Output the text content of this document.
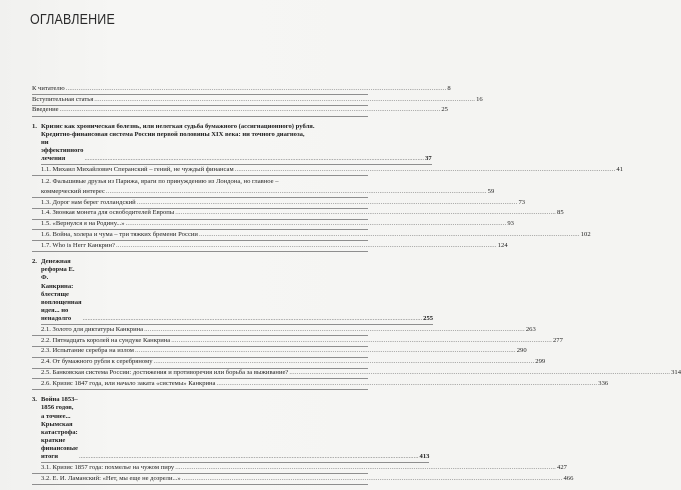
ОГЛАВЛЕНИЕ
К читателю .....	8
Вступительная статья .....	16
Введение .....	25
1. Кризис как хроническая болезнь, или нелегкая судьба бумажного (ассигнационного) рубля.
Кредитно-финансовая система России первой половины XIX века: ни точного диагноза,
ни эффективного лечения .....	37
1.1. Михаил Михайлович Сперанский – гений, не чуждый финансам .....	41
1.2. Фальшивые друзья из Парижа, враги по принуждению из Лондона, но главное –
коммерческий интерес .....	59
1.3. Дорог нам берег голландский .....	73
1.4. Звонкая монета для освободителей Европы .....	85
1.5. «Вернулся я на Родину...» .....	93
1.6. Война, холера и чума – три тяжких бремени России .....	102
1.7. Who is Негг Канкрин? .....	124
2. Денежная реформа Е. Ф. Канкрина: блестяще воплощенная идея... но ненадолго .....	255
2.1. Золото для диктатуры Канкрина .....	263
2.2. Пятнадцать королей на сундуке Канкрина .....	277
2.3. Испытание серебра на излом .....	290
2.4. От бумажного рубля к серебряному .....	299
2.5. Банковская система России: достижения и противоречия или борьба за выживание? .....	314
2.6. Кризис 1847 года, или начало заката «системы» Канкрина .....	336
3. Война 1853–1856 годов, а точнее... Крымская катастрофа: краткие финансовые итоги .....	413
3.1. Кризис 1857 года: похмелье на чужом пиру .....	427
3.2. Е. И. Ламанский: «Нет, мы еще не дозрели...» .....	466
